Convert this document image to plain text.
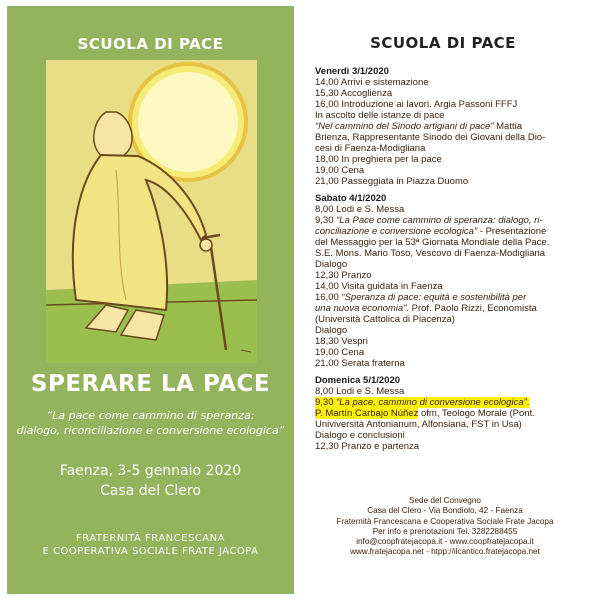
SCUOLA DI PACE
SPERARE LA PACE
“La pace come cammino di speranza:
dialogo, riconciliazione e conversione ecologica”
Faenza, 3-5 gennaio 2020
Casa del Clero
FRATERNITÀ FRANCESCANA
E COOPERATIVA SOCIALE FRATE JACOPA
SCUOLA DI PACE
Venerdì 3/1/2020
14,00 Arrivi e sistemazione
15,30 Accoglienza
16,00 Introduzione ai lavori. Argia Passoni FFFJ
In ascolto delle istanze di pace
“Nel cammino del Sinodo artigiani di pace” Mattia
Brienza, Rappresentante Sinodo dei Giovani della Dio-
cesi di Faenza-Modigliana
18,00 In preghiera per la pace
19,00 Cena
21,00 Passeggiata in Piazza Duomo
Sabato 4/1/2020
8,00 Lodi e S. Messa
9,30 “La Pace come cammino di speranza: dialogo, ri-
conciliazione e conversione ecologica” - Presentazione
del Messaggio per la 53ª Giornata Mondiale della Pace.
S.E. Mons. Mario Toso, Vescovo di Faenza-Modigliana
Dialogo
12,30 Pranzo
14,00 Visita guidata in Faenza
16,00 “Speranza di pace: equità e sostenibilità per
una nuova economia”. Prof. Paolo Rizzi, Economista
(Università Cattolica di Piacenza)
Dialogo
18,30 Vespri
19,00 Cena
21,00 Serata fraterna
Domenica 5/1/2020
8,00 Lodi e S. Messa
9,30 “La pace, cammino di conversione ecologica”.
P. Martín Carbajo Núñez ofm, Teologo Morale (Pont.
Univiversità Antonianum, Alfonsiana, FST in Usa)
Dialogo e conclusioni
12,30 Pranzo e partenza
Sede del Convegno
Casa del Clero - Via Bondiolo, 42 - Faenza
Fraternità Francescana e Cooperativa Sociale Frate Jacopa
Per info e prenotazioni Tel. 3282288455
info@coopfratejacopa.it - www.coopfratejacopa.it
www.fratejacopa.net - htpp://ilcantico.fratejacopa.net
